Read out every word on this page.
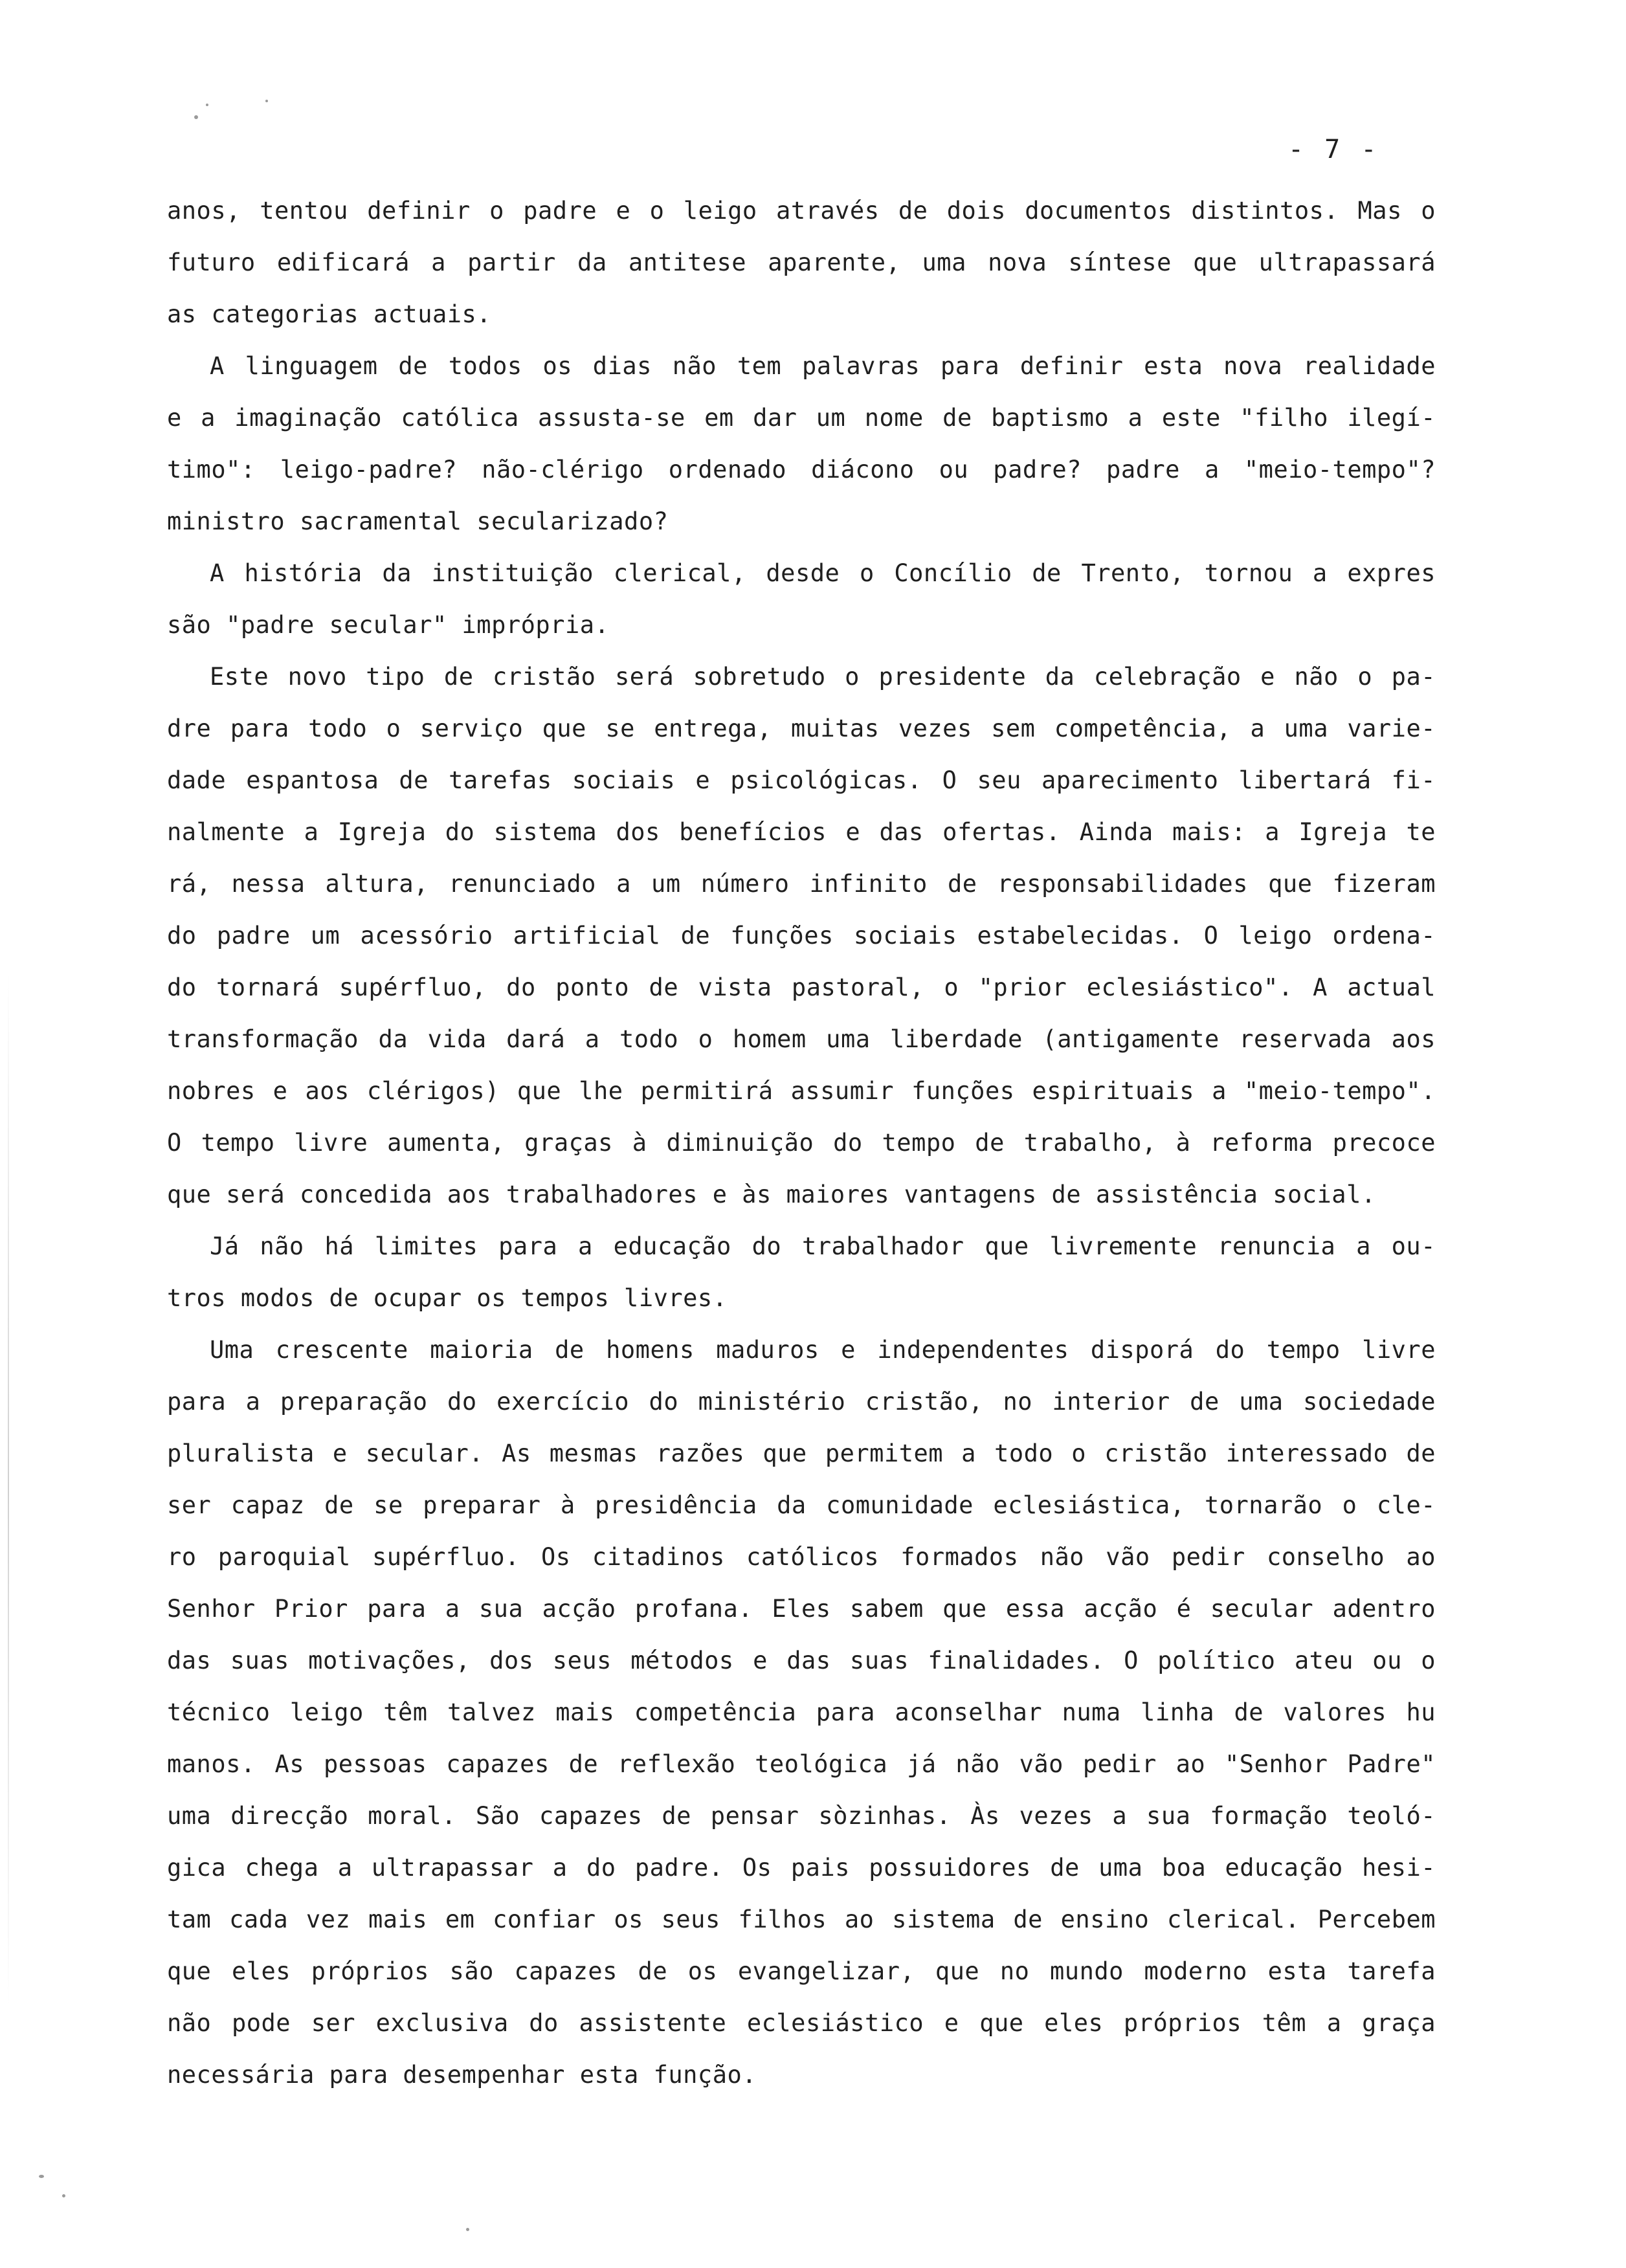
- 7 -
anos, tentou definir o padre e o leigo através de dois documentos distintos. Mas o
futuro edificará a partir da antitese aparente, uma nova síntese que ultrapassará
as categorias actuais.
A linguagem de todos os dias não tem palavras para definir esta nova realidade
e a imaginação católica assusta-se em dar um nome de baptismo a este "filho ilegí-
timo": leigo-padre? não-clérigo ordenado diácono ou padre? padre a "meio-tempo"?
ministro sacramental secularizado?
A história da instituição clerical, desde o Concílio de Trento, tornou a expres
são "padre secular" imprópria.
Este novo tipo de cristão será sobretudo o presidente da celebração e não o pa-
dre para todo o serviço que se entrega, muitas vezes sem competência, a uma varie-
dade espantosa de tarefas sociais e psicológicas. O seu aparecimento libertará fi-
nalmente a Igreja do sistema dos benefícios e das ofertas. Ainda mais: a Igreja te
rá, nessa altura, renunciado a um número infinito de responsabilidades que fizeram
do padre um acessório artificial de funções sociais estabelecidas. O leigo ordena-
do tornará supérfluo, do ponto de vista pastoral, o "prior eclesiástico". A actual
transformação da vida dará a todo o homem uma liberdade (antigamente reservada aos
nobres e aos clérigos) que lhe permitirá assumir funções espirituais a "meio-tempo".
O tempo livre aumenta, graças à diminuição do tempo de trabalho, à reforma precoce
que será concedida aos trabalhadores e às maiores vantagens de assistência social.
Já não há limites para a educação do trabalhador que livremente renuncia a ou-
tros modos de ocupar os tempos livres.
Uma crescente maioria de homens maduros e independentes disporá do tempo livre
para a preparação do exercício do ministério cristão, no interior de uma sociedade
pluralista e secular. As mesmas razões que permitem a todo o cristão interessado de
ser capaz de se preparar à presidência da comunidade eclesiástica, tornarão o cle-
ro paroquial supérfluo. Os citadinos católicos formados não vão pedir conselho ao
Senhor Prior para a sua acção profana. Eles sabem que essa acção é secular adentro
das suas motivações, dos seus métodos e das suas finalidades. O político ateu ou o
técnico leigo têm talvez mais competência para aconselhar numa linha de valores hu
manos. As pessoas capazes de reflexão teológica já não vão pedir ao "Senhor Padre"
uma direcção moral. São capazes de pensar sòzinhas. Às vezes a sua formação teoló-
gica chega a ultrapassar a do padre. Os pais possuidores de uma boa educação hesi-
tam cada vez mais em confiar os seus filhos ao sistema de ensino clerical. Percebem
que eles próprios são capazes de os evangelizar, que no mundo moderno esta tarefa
não pode ser exclusiva do assistente eclesiástico e que eles próprios têm a graça
necessária para desempenhar esta função.
